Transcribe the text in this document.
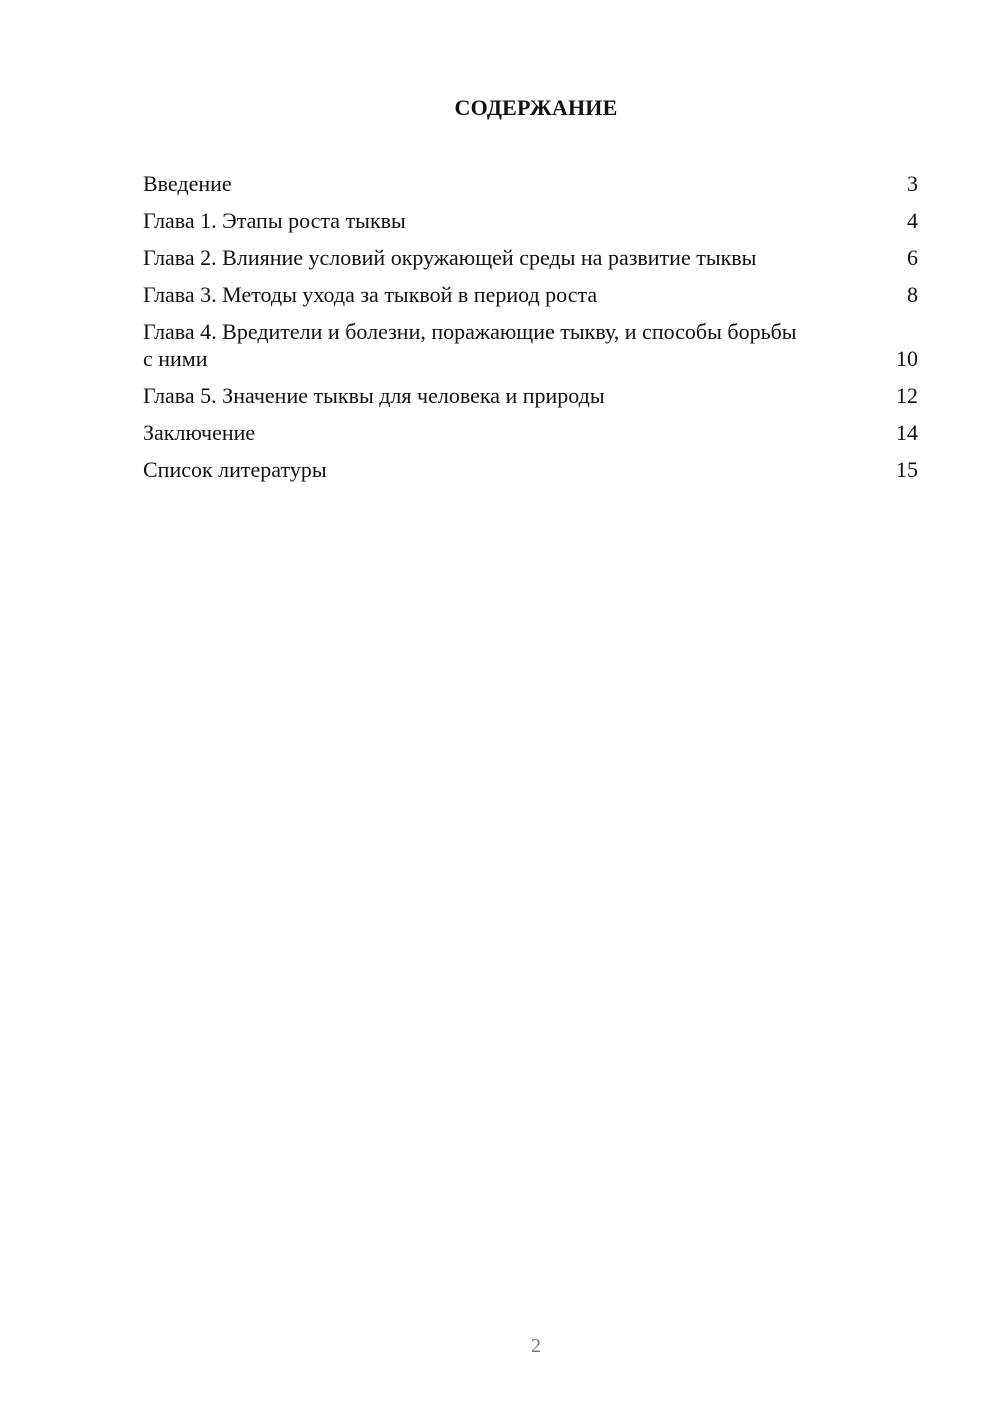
СОДЕРЖАНИЕ
Введение	3
Глава 1. Этапы роста тыквы	4
Глава 2. Влияние условий окружающей среды на развитие тыквы	6
Глава 3. Методы ухода за тыквой в период роста	8
Глава 4. Вредители и болезни, поражающие тыкву, и способы борьбы с ними	10
Глава 5. Значение тыквы для человека и природы	12
Заключение	14
Список литературы	15
2
